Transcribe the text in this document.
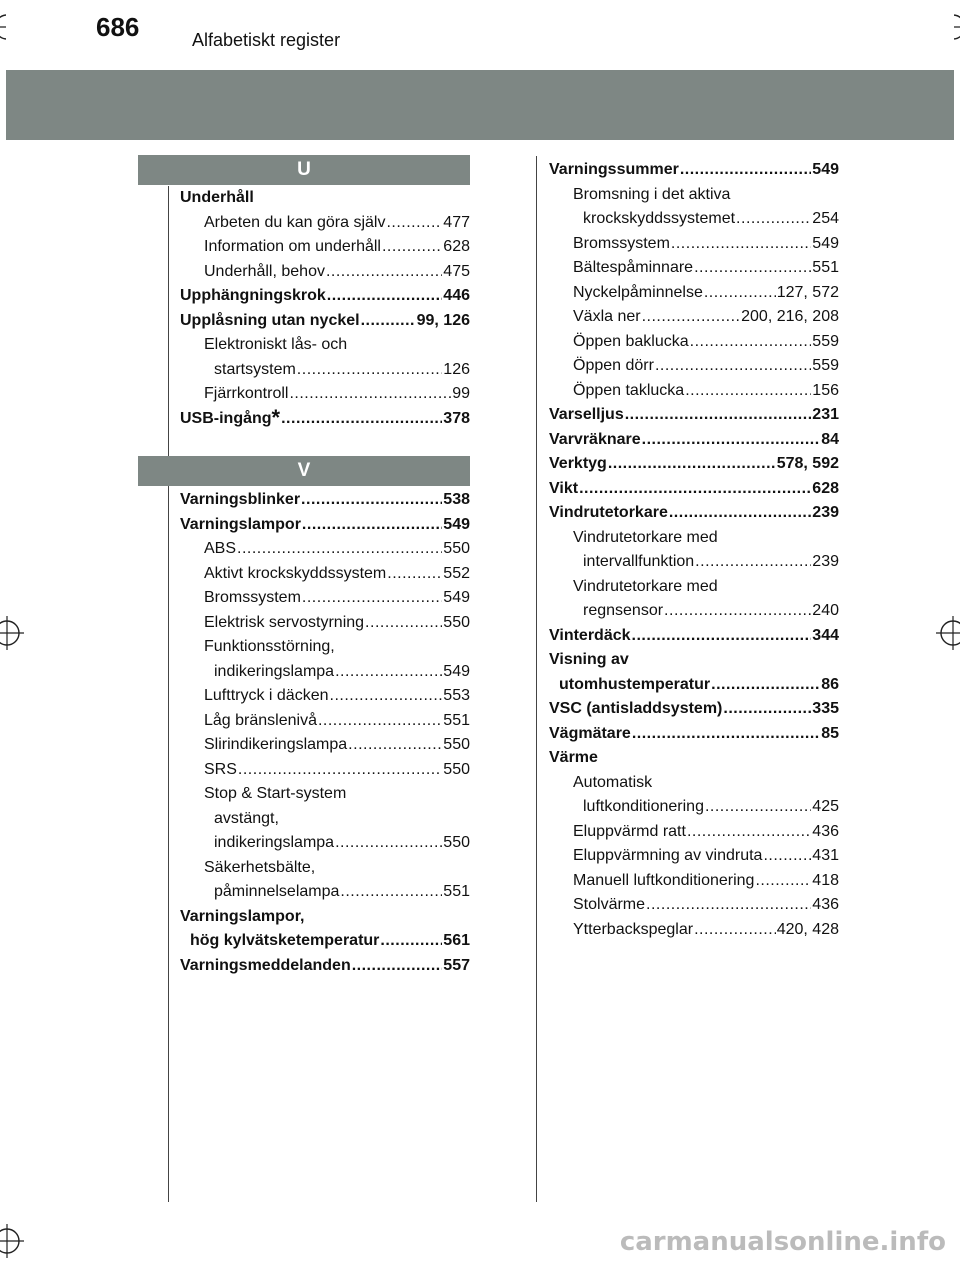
686	Alfabetiskt register
U
Underhåll
Arbeten du kan göra själv .....	477
Information om underhåll .....	628
Underhåll, behov .....	475
Upphängningskrok .....	446
Upplåsning utan nyckel .....	99, 126
Elektroniskt lås- och
startsystem .....	126
Fjärrkontroll .....	99
USB-ingång* .....	378
V
Varningsblinker .....	538
Varningslampor .....	549
ABS .....	550
Aktivt krockskyddssystem .....	552
Bromssystem .....	549
Elektrisk servostyrning .....	550
Funktionsstörning,
indikeringslampa .....	549
Lufttryck i däcken .....	553
Låg bränslenivå .....	551
Slirindikeringslampa .....	550
SRS .....	550
Stop & Start-system
avstängt,
indikeringslampa .....	550
Säkerhetsbälte,
påminnelselampa .....	551
Varningslampor,
hög kylvätsketemperatur .....	561
Varningsmeddelanden .....	557
Varningssummer .....	549
Bromsning i det aktiva
krockskyddssystemet .....	254
Bromssystem .....	549
Bältespåminnare .....	551
Nyckelpåminnelse .....	127, 572
Växla ner .....	200, 216, 208
Öppen baklucka .....	559
Öppen dörr .....	559
Öppen taklucka .....	156
Varselljus .....	231
Varvräknare .....	84
Verktyg .....	578, 592
Vikt .....	628
Vindrutetorkare .....	239
Vindrutetorkare med
intervallfunktion .....	239
Vindrutetorkare med
regnsensor .....	240
Vinterdäck .....	344
Visning av
utomhustemperatur .....	86
VSC (antisladdsystem) .....	335
Vägmätare .....	85
Värme
Automatisk
luftkonditionering .....	425
Eluppvärmd ratt .....	436
Eluppvärmning av vindruta .....	431
Manuell luftkonditionering .....	418
Stolvärme .....	436
Ytterbackspeglar .....	420, 428
carmanualsonline.info
